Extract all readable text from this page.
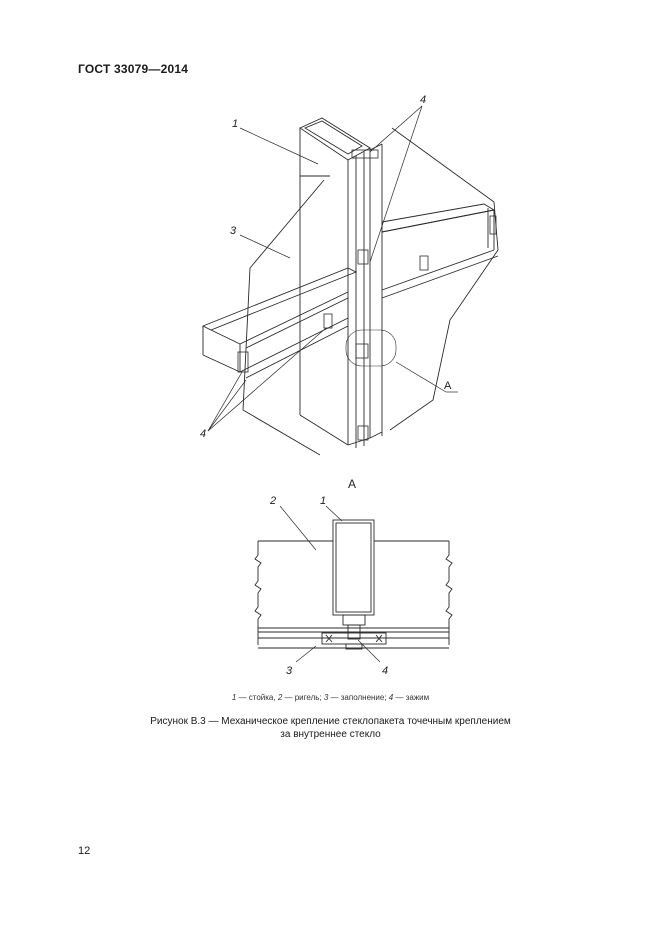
ГОСТ 33079—2014
1
3
4
4
А
А
2	1
3	4
1 — стойка, 2 — ригель; 3 — заполнение; 4 — зажим
Рисунок В.3 — Механическое крепление стеклопакета точечным креплением
за внутреннее стекло
12
